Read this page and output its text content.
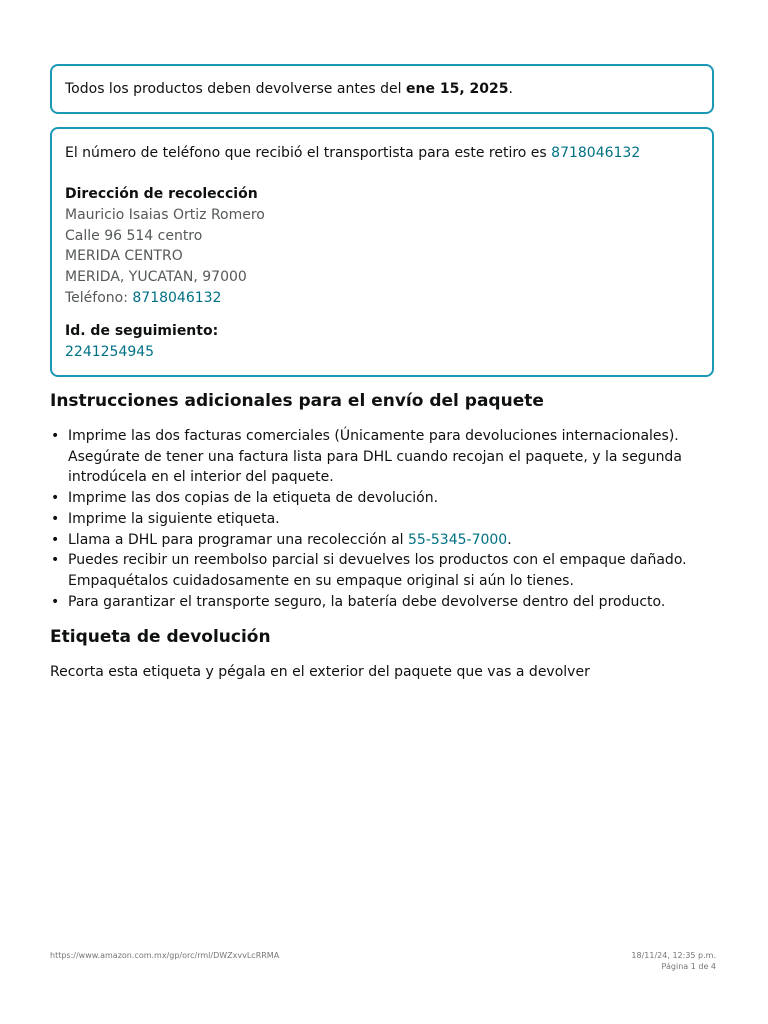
Todos los productos deben devolverse antes del ene 15, 2025.
El número de teléfono que recibió el transportista para este retiro es 8718046132
Dirección de recolección
Mauricio Isaias Ortiz Romero
Calle 96 514 centro
MERIDA CENTRO
MERIDA, YUCATAN, 97000
Teléfono: 8718046132
Id. de seguimiento:
2241254945
Instrucciones adicionales para el envío del paquete
• Imprime las dos facturas comerciales (Únicamente para devoluciones internacionales). Asegúrate de tener una factura lista para DHL cuando recojan el paquete, y la segunda introdúcela en el interior del paquete.
• Imprime las dos copias de la etiqueta de devolución.
• Imprime la siguiente etiqueta.
• Llama a DHL para programar una recolección al 55-5345-7000.
• Puedes recibir un reembolso parcial si devuelves los productos con el empaque dañado. Empaquétalos cuidadosamente en su empaque original si aún lo tienes.
• Para garantizar el transporte seguro, la batería debe devolverse dentro del producto.
Etiqueta de devolución
Recorta esta etiqueta y pégala en el exterior del paquete que vas a devolver
https://www.amazon.com.mx/gp/orc/rml/DWZxvvLcRRMA	18/11/24, 12:35 p.m.
Página 1 de 4
